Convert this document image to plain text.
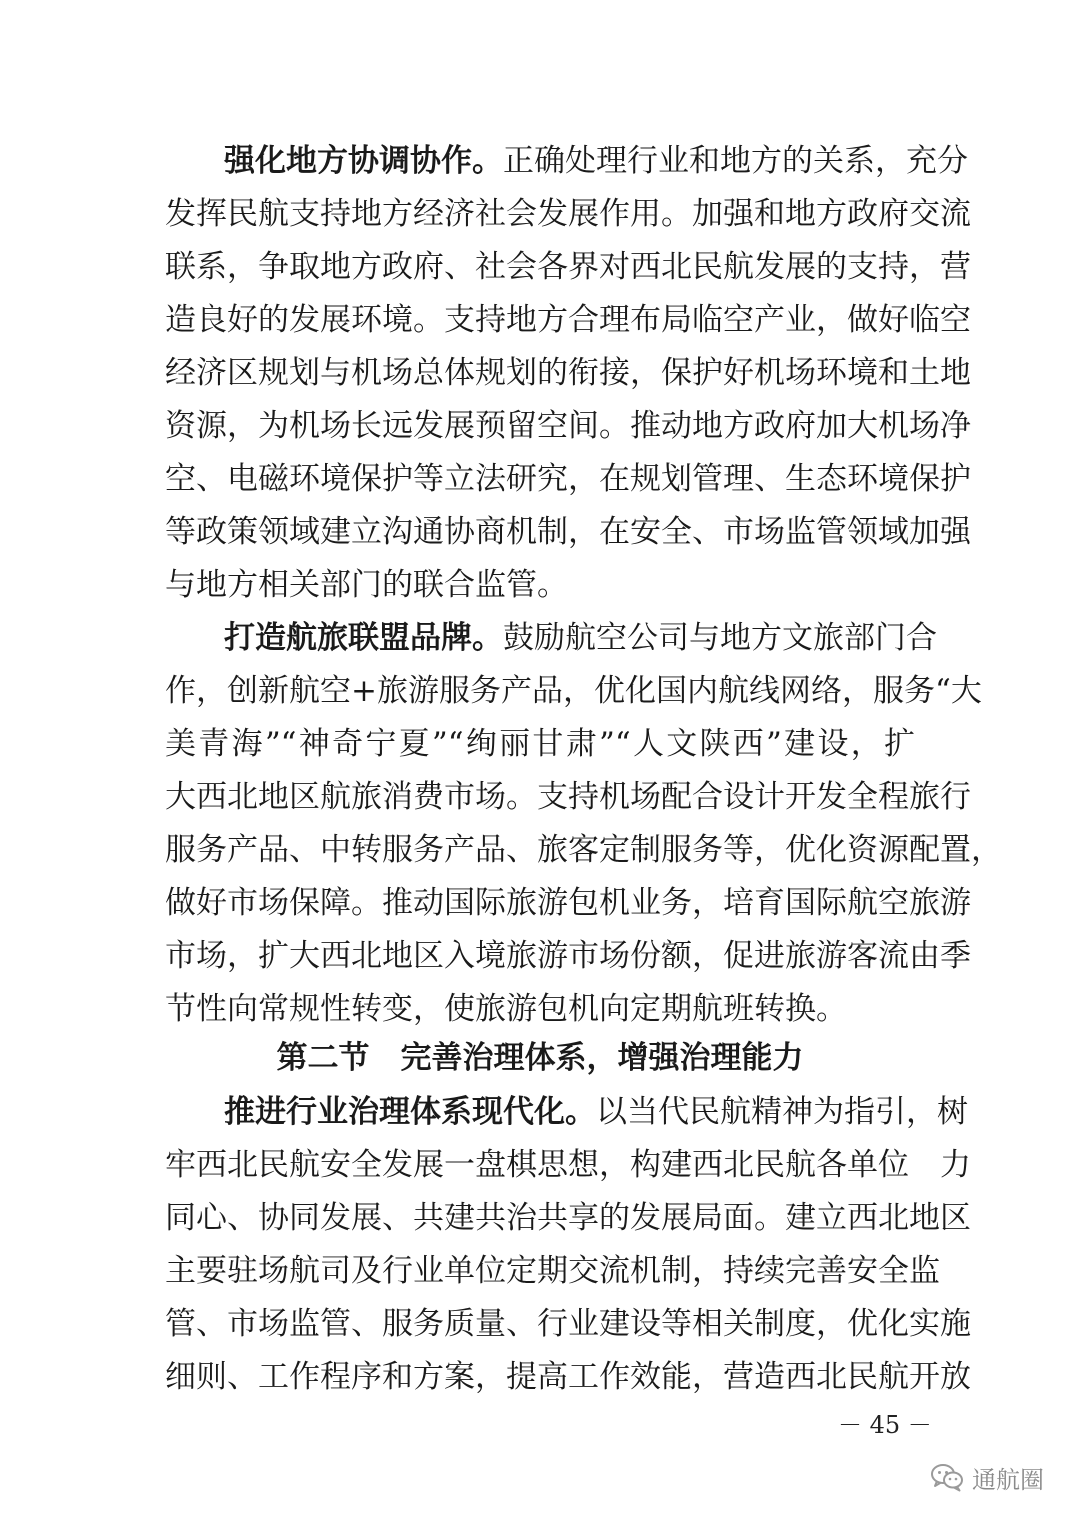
强化地方协调协作。正确处理行业和地方的关系，充分
发挥民航支持地方经济社会发展作用。加强和地方政府交流
联系，争取地方政府、社会各界对西北民航发展的支持，营
造良好的发展环境。支持地方合理布局临空产业，做好临空
经济区规划与机场总体规划的衔接，保护好机场环境和土地
资源，为机场长远发展预留空间。推动地方政府加大机场净
空、电磁环境保护等立法研究，在规划管理、生态环境保护
等政策领域建立沟通协商机制，在安全、市场监管领域加强
与地方相关部门的联合监管。
打造航旅联盟品牌。鼓励航空公司与地方文旅部门合
作，创新航空+旅游服务产品，优化国内航线网络，服务“大
美青海”“神奇宁夏”“绚丽甘肃”“人文陕西”建设，扩
大西北地区航旅消费市场。支持机场配合设计开发全程旅行
服务产品、中转服务产品、旅客定制服务等，优化资源配置，
做好市场保障。推动国际旅游包机业务，培育国际航空旅游
市场，扩大西北地区入境旅游市场份额，促进旅游客流由季
节性向常规性转变，使旅游包机向定期航班转换。
第二节　完善治理体系，增强治理能力
推进行业治理体系现代化。以当代民航精神为指引，树
牢西北民航安全发展一盘棋思想，构建西北民航各单位　力
同心、协同发展、共建共治共享的发展局面。建立西北地区
主要驻场航司及行业单位定期交流机制，持续完善安全监
管、市场监管、服务质量、行业建设等相关制度，优化实施
细则、工作程序和方案，提高工作效能，营造西北民航开放
－ 45 －
通航圈
